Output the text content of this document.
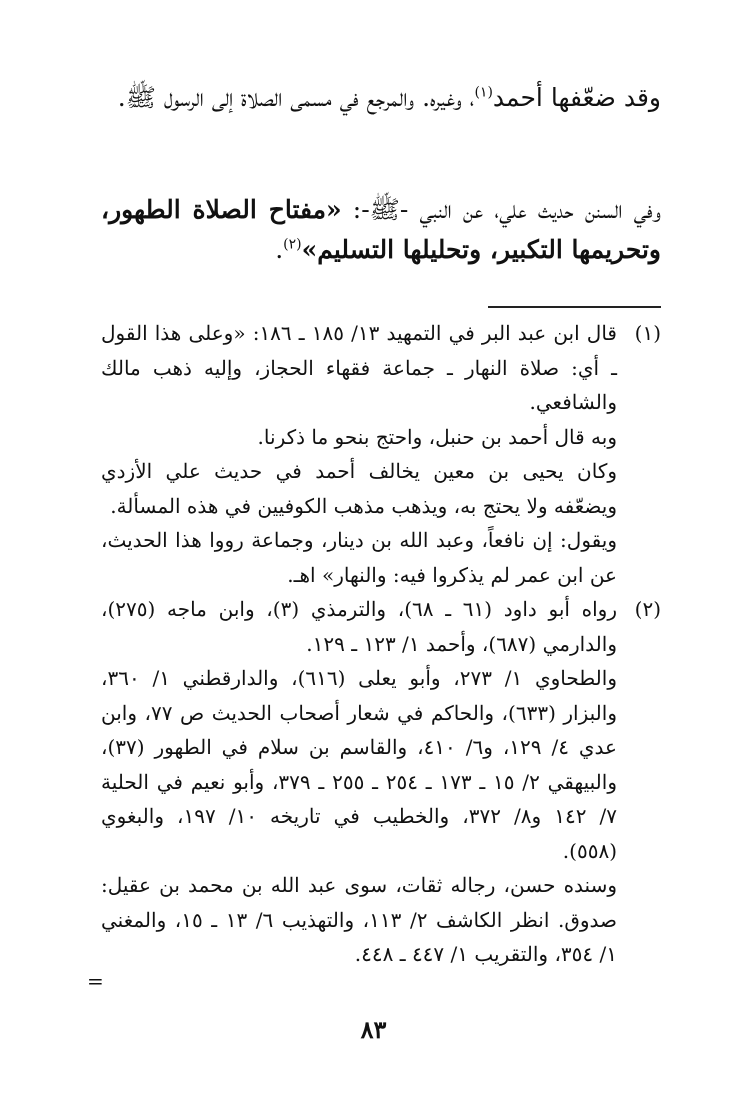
وقد ضعّفها أحمد$^{(١)}$، وغيره. والمرجع في مسمى الصلاة إلى الرسول ﷺ.

وفي السنن حديث علي، عن النبي -ﷺ-: «مفتاح الصلاة الطهور، وتحريمها التكبير، وتحليلها التسليم»$^{(٢)}$.

(١)

قال ابن عبد البر في التمهيد ١٣/ ١٨٥ ـ ١٨٦: «وعلى هذا القول ـ أي: صلاة النهار ـ جماعة فقهاء الحجاز، وإليه ذهب مالك والشافعي.

وبه قال أحمد بن حنبل، واحتج بنحو ما ذكرنا.

وكان يحيى بن معين يخالف أحمد في حديث علي الأزدي ويضعّفه ولا يحتج به، ويذهب مذهب الكوفيين في هذه المسألة.

ويقول: إن نافعاً، وعبد الله بن دينار، وجماعة رووا هذا الحديث، عن ابن عمر لم يذكروا فيه: والنهار» اهـ.

(٢)

رواه أبو داود (٦١ ـ ٦٨)، والترمذي (٣)، وابن ماجه (٢٧٥)، والدارمي (٦٨٧)، وأحمد ١/ ١٢٣ ـ ١٢٩.

والطحاوي ١/ ٢٧٣، وأبو يعلى (٦١٦)، والدارقطني ١/ ٣٦٠، والبزار (٦٣٣)، والحاكم في شعار أصحاب الحديث ص ٧٧، وابن عدي ٤/ ١٢٩، و٦/ ٤١٠، والقاسم بن سلام في الطهور (٣٧)، والبيهقي ٢/ ١٥ ـ ١٧٣ ـ ٢٥٤ ـ ٢٥٥ ـ ٣٧٩، وأبو نعيم في الحلية ٧/ ١٤٢ و٨/ ٣٧٢، والخطيب في تاريخه ١٠/ ١٩٧، والبغوي (٥٥٨).

وسنده حسن، رجاله ثقات، سوى عبد الله بن محمد بن عقيل: صدوق. انظر الكاشف ٢/ ١١٣، والتهذيب ٦/ ١٣ ـ ١٥، والمغني ١/ ٣٥٤، والتقريب ١/ ٤٤٧ ـ ٤٤٨.

=
٨٣
